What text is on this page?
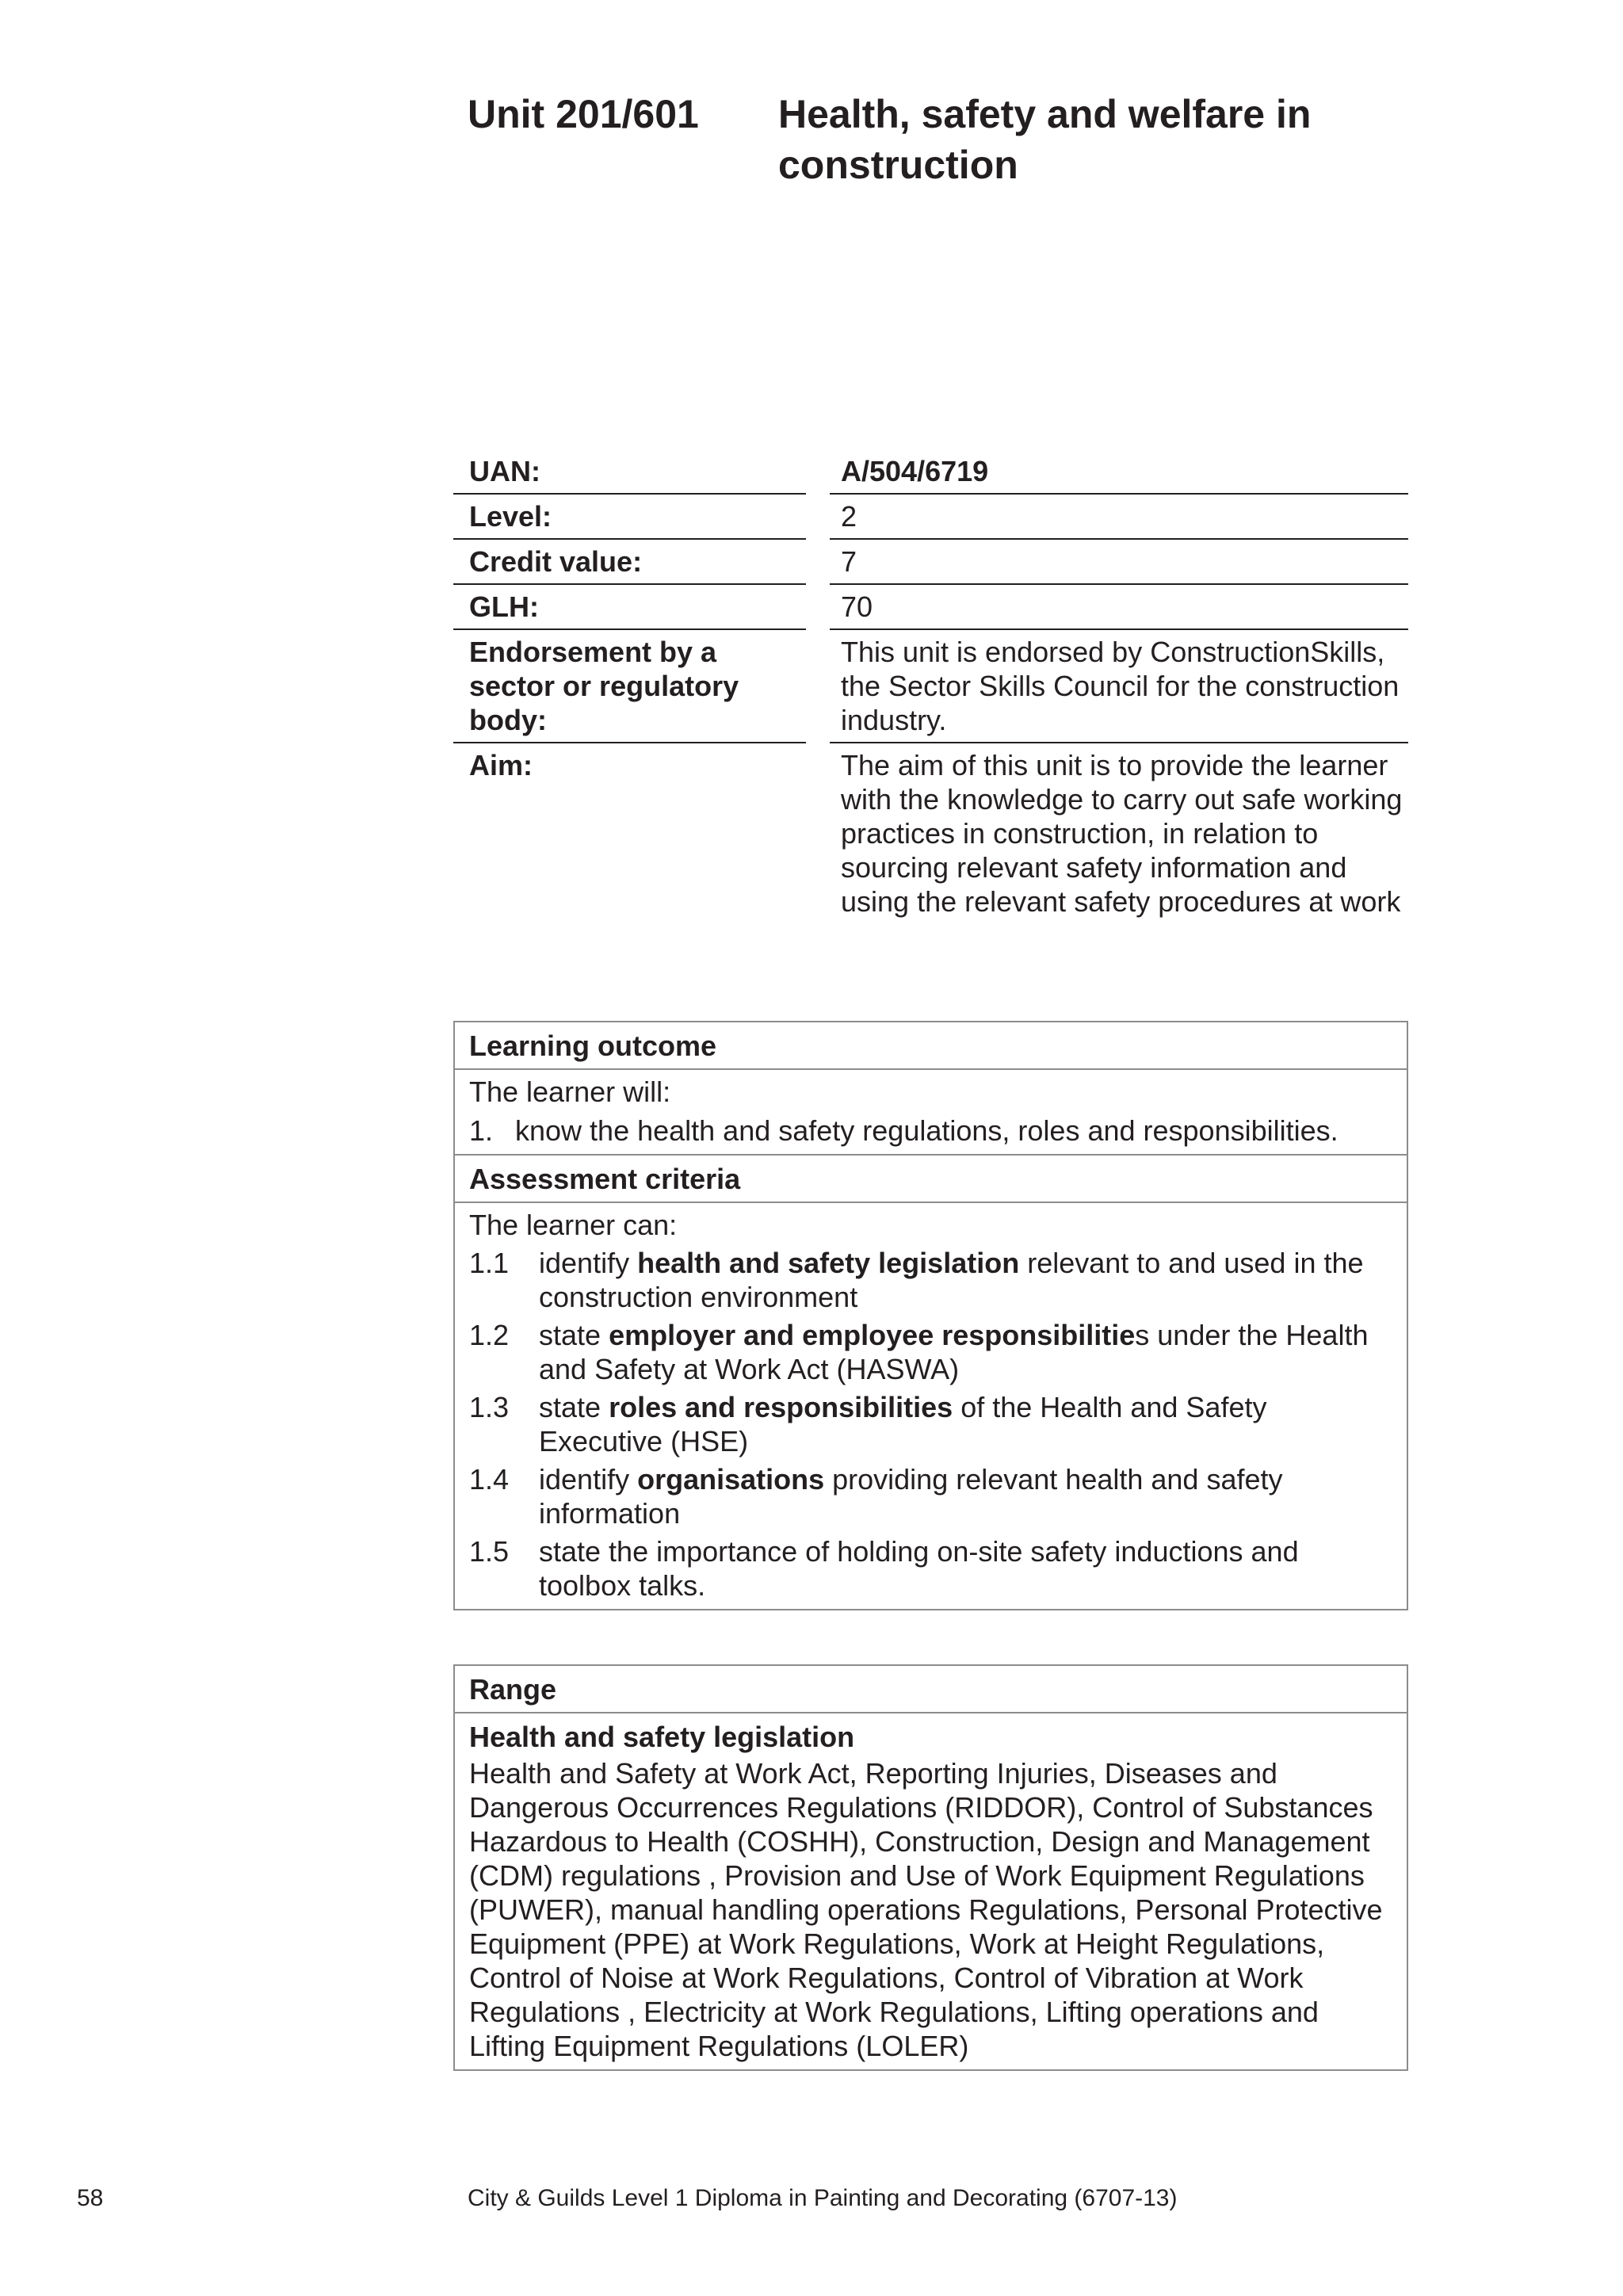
Unit 201/601 Health, safety and welfare in construction
UAN:		A/504/6719
Level:		2
Credit value:		7
GLH:		70
Endorsement by a sector or regulatory body:		This unit is endorsed by ConstructionSkills, the Sector Skills Council for the construction industry.
Aim:		The aim of this unit is to provide the learner with the knowledge to carry out safe working practices in construction, in relation to sourcing relevant safety information and using the relevant safety procedures at work
Learning outcome
The learner will:
1. know the health and safety regulations, roles and responsibilities.
Assessment criteria
The learner can:
1.1	identify health and safety legislation relevant to and used in the construction environment
1.2	state employer and employee responsibilities under the Health and Safety at Work Act (HASWA)
1.3	state roles and responsibilities of the Health and Safety Executive (HSE)
1.4	identify organisations providing relevant health and safety information
1.5	state the importance of holding on-site safety inductions and toolbox talks.
Range
Health and safety legislation
Health and Safety at Work Act, Reporting Injuries, Diseases and Dangerous Occurrences Regulations (RIDDOR), Control of Substances Hazardous to Health (COSHH), Construction, Design and Management (CDM) regulations , Provision and Use of Work Equipment Regulations (PUWER), manual handling operations Regulations, Personal Protective Equipment (PPE) at Work Regulations, Work at Height Regulations, Control of Noise at Work Regulations, Control of Vibration at Work Regulations , Electricity at Work Regulations, Lifting operations and Lifting Equipment Regulations (LOLER)
58	City & Guilds Level 1 Diploma in Painting and Decorating (6707-13)
